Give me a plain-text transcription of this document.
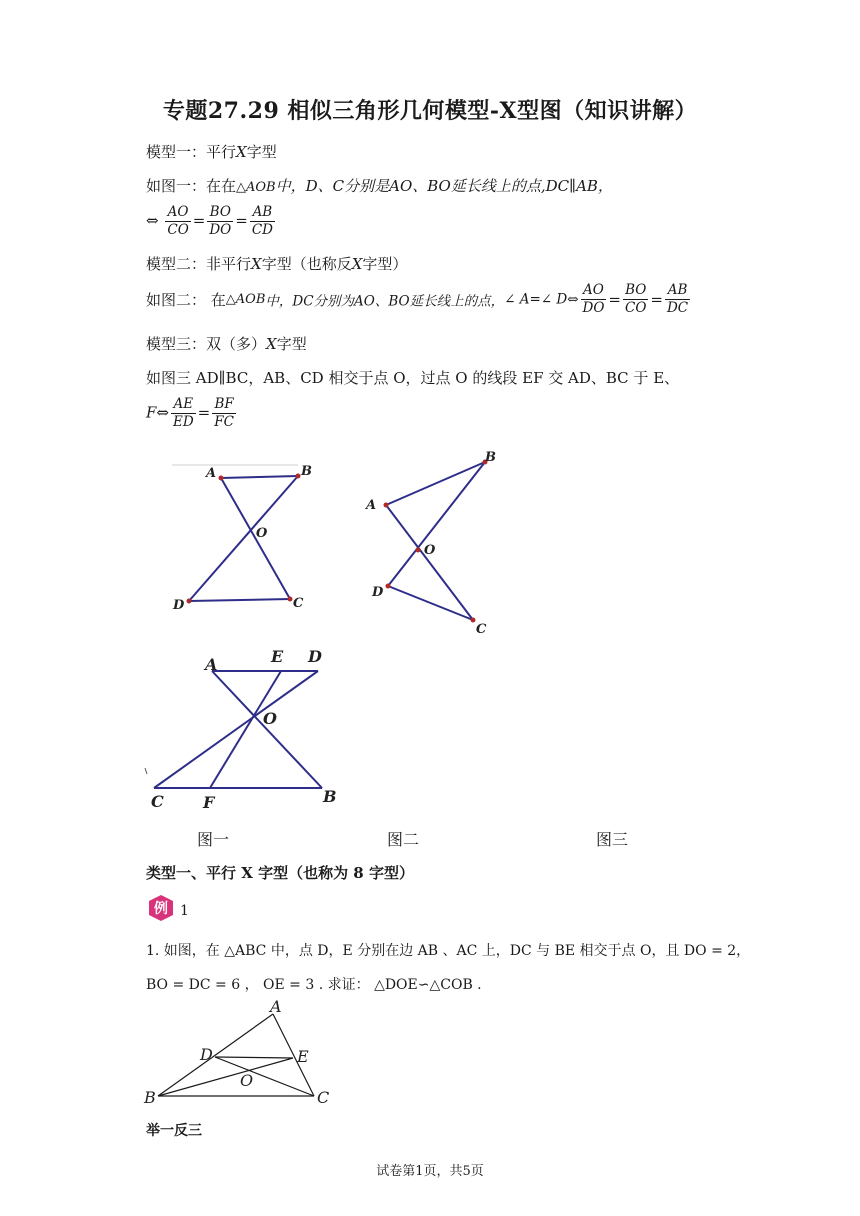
专题27.29 相似三角形几何模型-X型图（知识讲解）
模型一：平行X字型
如图一：在在△AOB中，D、C分别是AO、BO延长线上的点,DC∥AB，
⇔ $\frac{AO}{CO} = \frac{BO}{DO} = \frac{AB}{CD}$
模型二：非平行X字型（也称反X字型）
如图二： 在△AOB中，DC分别为AO、BO延长线上的点，∠ A=∠ D⇔ $\frac{AO}{DO} = \frac{BO}{CO} = \frac{AB}{DC}$
模型三：双（多）X字型
如图三 AD∥BC，AB、CD 相交于点 O，过点 O 的线段 EF 交 AD、BC 于 E、
F⇔ $\frac{AE}{ED} = \frac{BF}{FC}$
A	B
O
D	C
A
B
O
D
C
A	E D
O
C F	B
图一	图二	图三
类型一、平行 X 字型（也称为 8 字型）
例 1
1. 如图，在 △ABC 中，点 D，E 分别在边 AB 、AC 上，DC 与 BE 相交于点 O，且 DO = 2，
BO = DC = 6 ， OE = 3 . 求证： △DOE∽△COB .
A
D	E
O
B	C
举一反三
试卷第1页，共5页
